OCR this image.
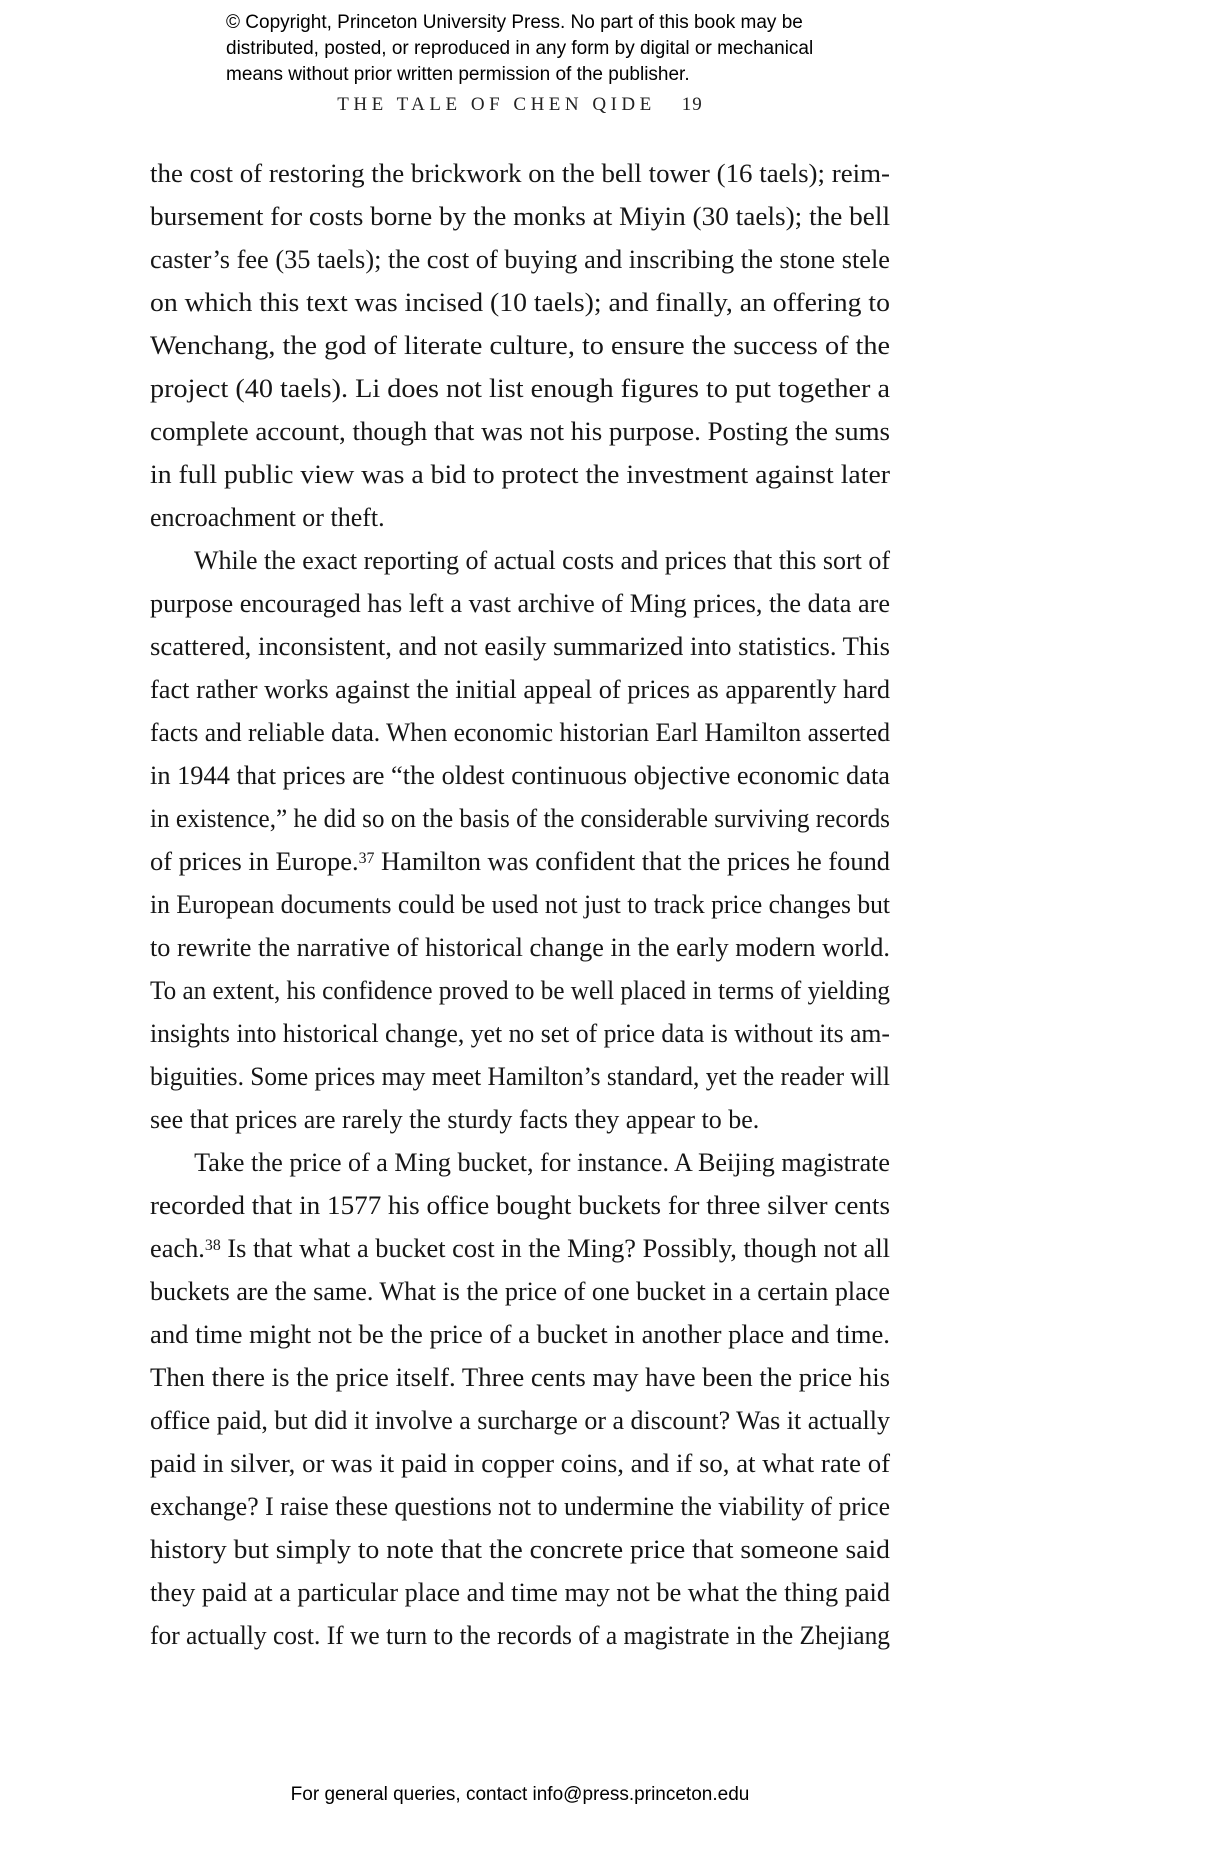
© Copyright, Princeton University Press. No part of this book may be
distributed, posted, or reproduced in any form by digital or mechanical
means without prior written permission of the publisher.
THE TALE OF CHEN QIDE 19
the cost of restoring the brickwork on the bell tower (16 taels); reim-
bursement for costs borne by the monks at Miyin (30 taels); the bell
caster’s fee (35 taels); the cost of buying and inscribing the stone stele
on which this text was incised (10 taels); and finally, an offering to
Wenchang, the god of literate culture, to ensure the success of the
project (40 taels). Li does not list enough figures to put together a
complete account, though that was not his purpose. Posting the sums
in full public view was a bid to protect the investment against later
encroachment or theft.
While the exact reporting of actual costs and prices that this sort of
purpose encouraged has left a vast archive of Ming prices, the data are
scattered, inconsistent, and not easily summarized into statistics. This
fact rather works against the initial appeal of prices as apparently hard
facts and reliable data. When economic historian Earl Hamilton asserted
in 1944 that prices are “the oldest continuous objective economic data
in existence,” he did so on the basis of the considerable surviving records
of prices in Europe.$^{37}$ Hamilton was confident that the prices he found
in European documents could be used not just to track price changes but
to rewrite the narrative of historical change in the early modern world.
To an extent, his confidence proved to be well placed in terms of yielding
insights into historical change, yet no set of price data is without its am-
biguities. Some prices may meet Hamilton’s standard, yet the reader will
see that prices are rarely the sturdy facts they appear to be.
Take the price of a Ming bucket, for instance. A Beijing magistrate
recorded that in 1577 his office bought buckets for three silver cents
each.$^{38}$ Is that what a bucket cost in the Ming? Possibly, though not all
buckets are the same. What is the price of one bucket in a certain place
and time might not be the price of a bucket in another place and time.
Then there is the price itself. Three cents may have been the price his
office paid, but did it involve a surcharge or a discount? Was it actually
paid in silver, or was it paid in copper coins, and if so, at what rate of
exchange? I raise these questions not to undermine the viability of price
history but simply to note that the concrete price that someone said
they paid at a particular place and time may not be what the thing paid
for actually cost. If we turn to the records of a magistrate in the Zhejiang
For general queries, contact info@press.princeton.edu
